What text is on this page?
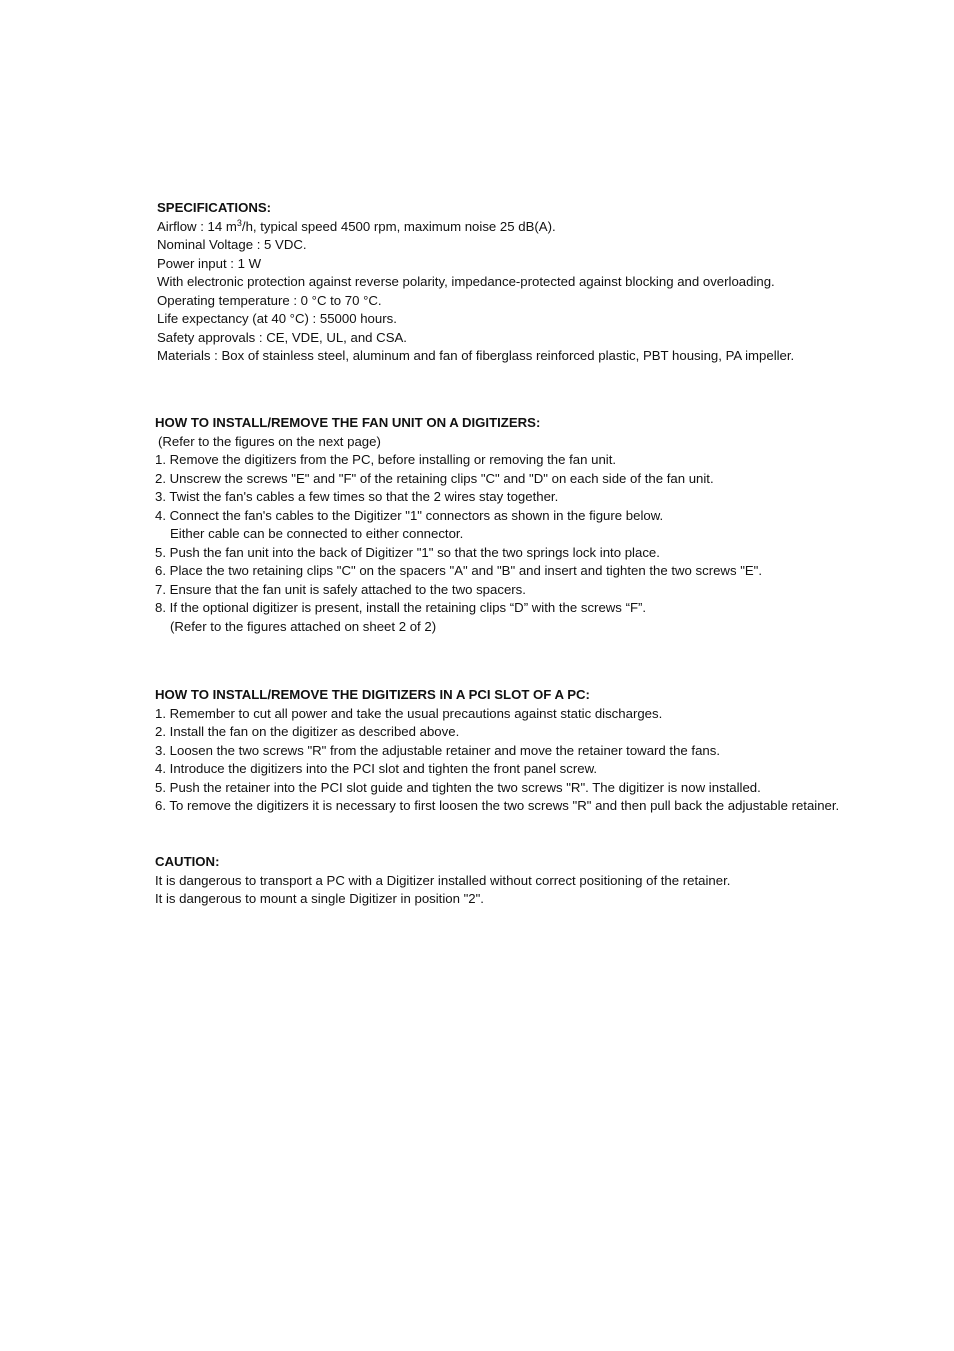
SPECIFICATIONS:
Airflow : 14 $m^3/h$, typical speed 4500 rpm, maximum noise 25 dB(A).
Nominal Voltage : 5 VDC.
Power input : 1 W
With electronic protection against reverse polarity, impedance-protected against blocking and overloading.
Operating temperature : 0 °C to 70 °C.
Life expectancy (at 40 °C) : 55000 hours.
Safety approvals : CE, VDE, UL, and CSA.
Materials : Box of stainless steel, aluminum and fan of fiberglass reinforced plastic, PBT housing, PA impeller.
HOW TO INSTALL/REMOVE THE FAN UNIT ON A DIGITIZERS:
(Refer to the figures on the next page)
1. Remove the digitizers from the PC, before installing or removing the fan unit.
2. Unscrew the screws "E" and "F" of the retaining clips "C" and "D" on each side of the fan unit.
3. Twist the fan's cables a few times so that the 2 wires stay together.
4. Connect the fan's cables to the Digitizer "1" connectors as shown in the figure below.
Either cable can be connected to either connector.
5. Push the fan unit into the back of Digitizer "1" so that the two springs lock into place.
6. Place the two retaining clips "C" on the spacers "A" and "B" and insert and tighten the two screws "E".
7. Ensure that the fan unit is safely attached to the two spacers.
8. If the optional digitizer is present, install the retaining clips “D” with the screws “F”.
(Refer to the figures attached on sheet 2 of 2)
HOW TO INSTALL/REMOVE THE DIGITIZERS IN A PCI SLOT OF A PC:
1. Remember to cut all power and take the usual precautions against static discharges.
2. Install the fan on the digitizer as described above.
3. Loosen the two screws "R" from the adjustable retainer and move the retainer toward the fans.
4. Introduce the digitizers into the PCI slot and tighten the front panel screw.
5. Push the retainer into the PCI slot guide and tighten the two screws "R". The digitizer is now installed.
6. To remove the digitizers it is necessary to first loosen the two screws "R" and then pull back the adjustable retainer.
CAUTION:
It is dangerous to transport a PC with a Digitizer installed without correct positioning of the retainer.
It is dangerous to mount a single Digitizer in position "2".
